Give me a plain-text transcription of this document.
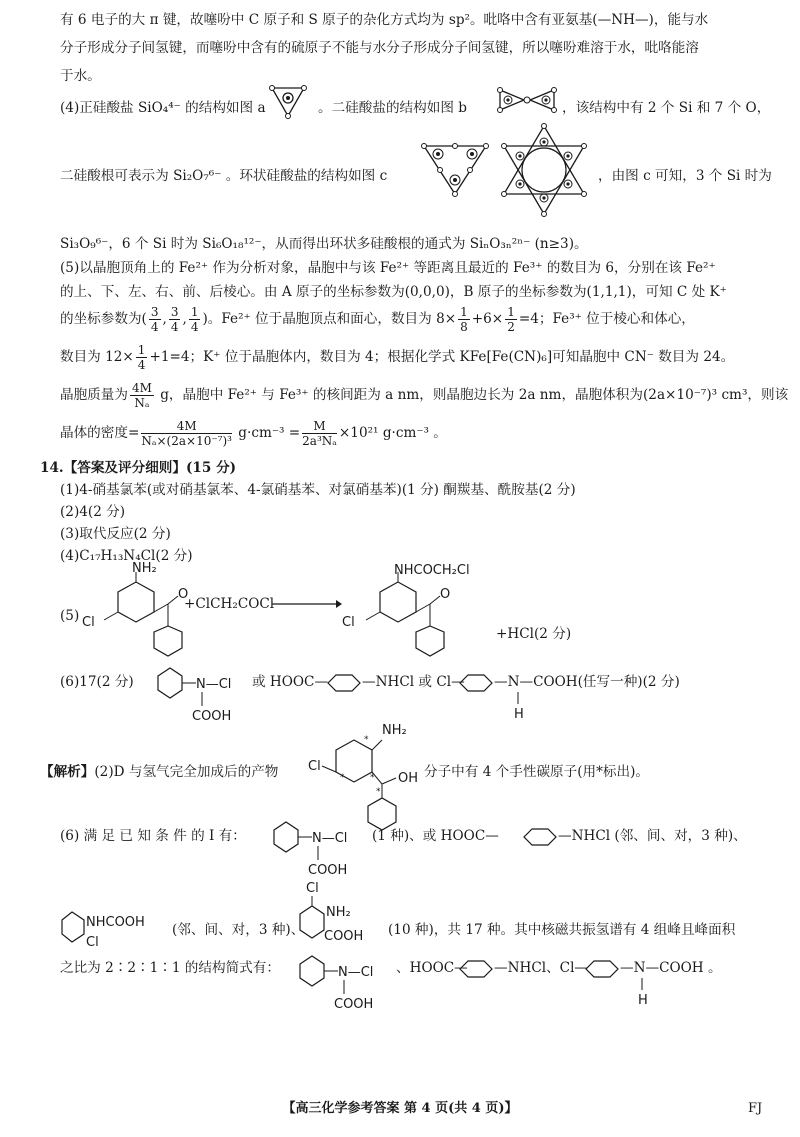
有 6 电子的大 π 键，故噻吩中 C 原子和 S 原子的杂化方式均为 sp²。吡咯中含有亚氨基(—NH—)，能与水
分子形成分子间氢键，而噻吩中含有的硫原子不能与水分子形成分子间氢键，所以噻吩难溶于水，吡咯能溶
于水。
(4)正硅酸盐 SiO₄⁴⁻ 的结构如图 a	。二硅酸盐的结构如图 b	，该结构中有 2 个 Si 和 7 个 O，
二硅酸根可表示为 Si₂O₇⁶⁻ 。环状硅酸盐的结构如图 c	，由图 c 可知，3 个 Si 时为
Si₃O₉⁶⁻，6 个 Si 时为 Si₆O₁₈¹²⁻，从而得出环状多硅酸根的通式为 SiₙO₃ₙ²ⁿ⁻ (n≥3)。
(5)以晶胞顶角上的 Fe²⁺ 作为分析对象，晶胞中与该 Fe²⁺ 等距离且最近的 Fe³⁺ 的数目为 6，分别在该 Fe²⁺
的上、下、左、右、前、后棱心。由 A 原子的坐标参数为(0,0,0)，B 原子的坐标参数为(1,1,1)，可知 C 处 K⁺
的坐标参数为( $\frac{3}{4}$ , $\frac{3}{4}$ , $\frac{1}{4}$ )。Fe²⁺ 位于晶胞顶点和面心，数目为 $8\times \frac{1}{8} +6\times \frac{1}{2} =4$；Fe³⁺ 位于棱心和体心，
数目为 $12\times \frac{1}{4} +1=4$；K⁺ 位于晶胞体内，数目为 4；根据化学式 KFe[Fe(CN)₆]可知晶胞中 CN⁻ 数目为 24。
晶胞质量为 $\frac{4M}{\text{Nₐ}}$ g，晶胞中 Fe²⁺ 与 Fe³⁺ 的核间距为 a nm，则晶胞边长为 2a nm，晶胞体积为(2a×10⁻⁷)³ cm³，则该
晶体的密度= $\frac{4M}{\text{Nₐ×(2a×10⁻⁷)³}} g\cdot cm^{-3} = \frac{M}{\text{2a³Nₐ}} \times 10^{21}$ g·cm⁻³ 。
14.【答案及评分细则】(15 分)
(1)4-硝基氯苯(或对硝基氯苯、4-氯硝基苯、对氯硝基苯)(1 分) 酮羰基、酰胺基(2 分)
(2)4(2 分)
(3)取代反应(2 分)
(4)C₁₇H₁₃N₄Cl(2 分)
(5)
NH₂
Cl
O
+ClCH₂COCl
NHCOCH₂Cl
Cl
O
+HCl(2 分)
(6)17(2 分)	N—Cl
COOH
或 HOOC— —NHCl 或 Cl— —N—COOH(任写一种)(2 分)
H
【解析】(2)D 与氢气完全加成后的产物
NH₂
Cl
*
*	* OH
*
分子中有 4 个手性碳原子(用*标出)。
(6) 满 足 已 知 条 件 的 I 有：	N—Cl
COOH
(1 种)、或 HOOC—	—NHCl (邻、间、对，3 种)、
NHCOOH
Cl
(邻、间、对，3 种)、
Cl
NH₂
COOH (10 种)，共 17 种。其中核磁共振氢谱有 4 组峰且峰面积
之比为 2∶2∶1∶1 的结构简式有：	N—Cl
COOH
、HOOC— —NHCl、Cl— —N—COOH 。
H
【高三化学参考答案 第 4 页(共 4 页)】	FJ
